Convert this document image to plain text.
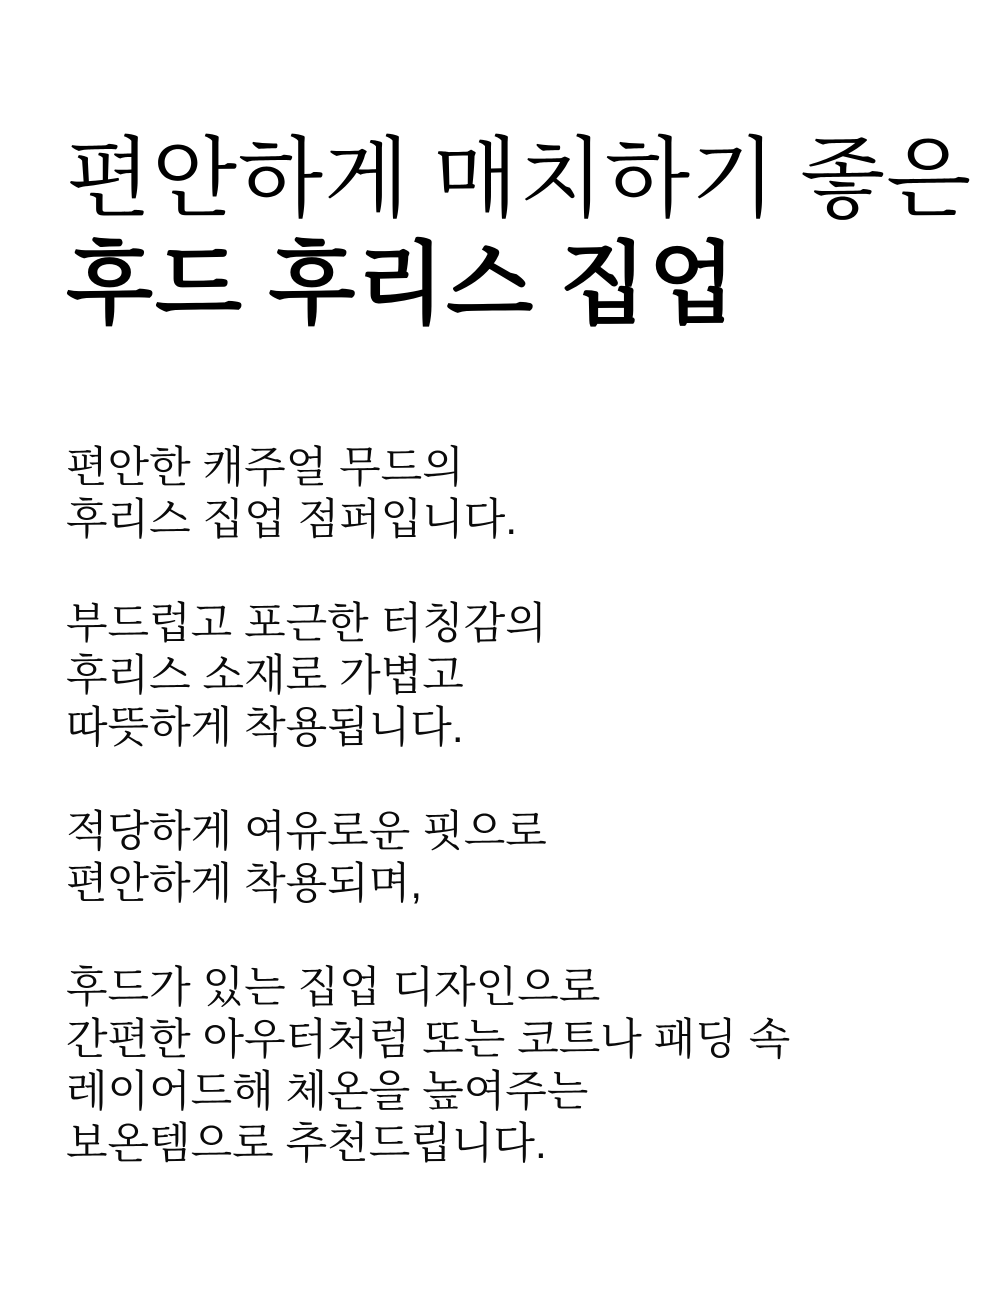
편안하게 매치하기 좋은
후드 후리스 집업

편안한 캐주얼 무드의
후리스 집업 점퍼입니다.

부드럽고 포근한 터칭감의
후리스 소재로 가볍고
따뜻하게 착용됩니다.

적당하게 여유로운 핏으로
편안하게 착용되며,

후드가 있는 집업 디자인으로
간편한 아우터처럼 또는 코트나 패딩 속
레이어드해 체온을 높여주는
보온템으로 추천드립니다.
